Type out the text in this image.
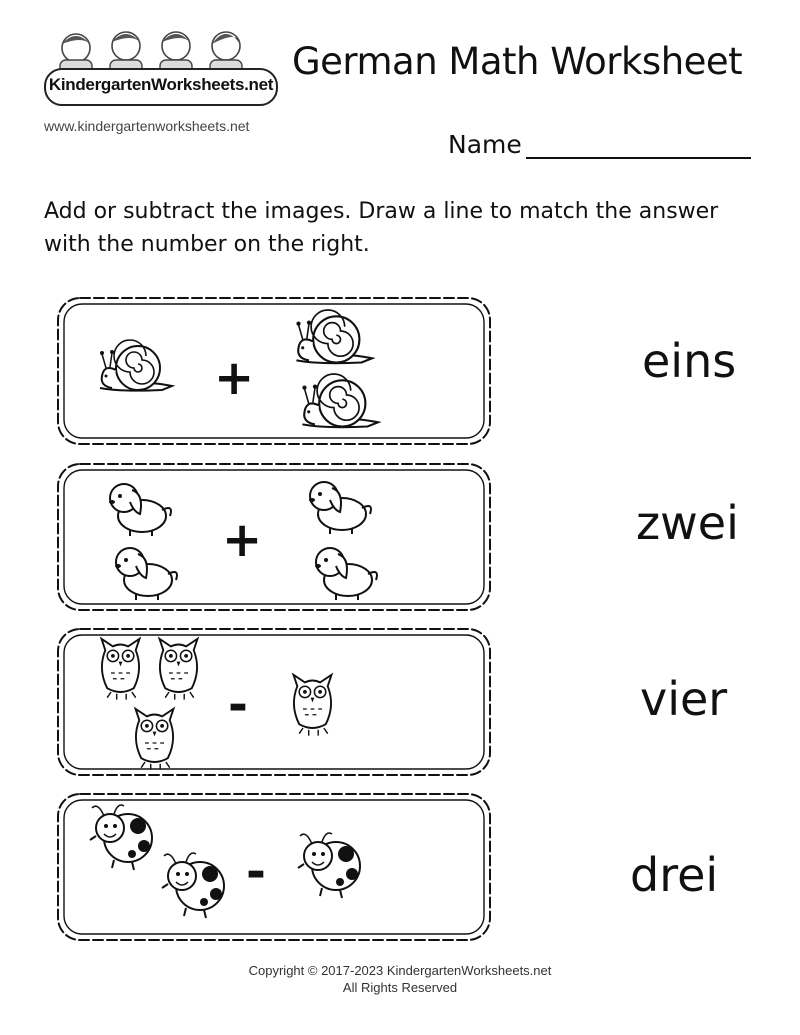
KindergartenWorksheets.net
www.kindergartenworksheets.net
German Math Worksheet
Name
Add or subtract the images. Draw a line to match the answer with the number on the right.
+
+
-
-
eins
zwei
vier
drei
Copyright © 2017-2023 KindergartenWorksheets.net
All Rights Reserved
